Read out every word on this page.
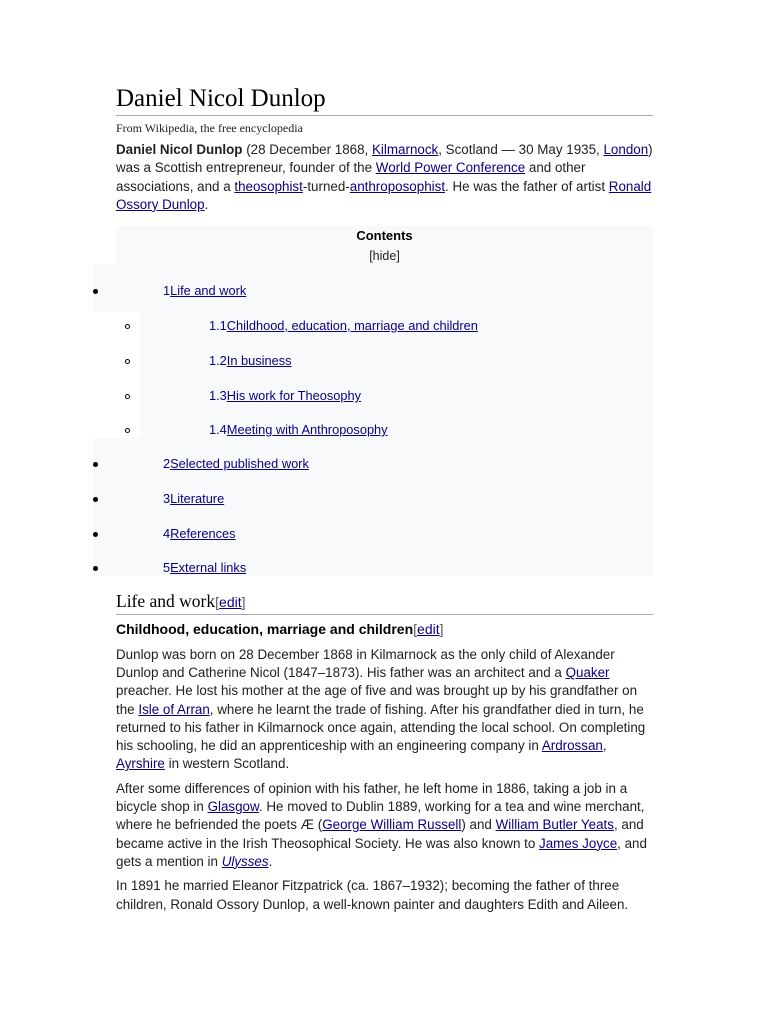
Daniel Nicol Dunlop
From Wikipedia, the free encyclopedia

Daniel Nicol Dunlop (28 December 1868, Kilmarnock, Scotland — 30 May 1935, London) was a Scottish entrepreneur, founder of the World Power Conference and other associations, and a theosophist-turned-anthroposophist. He was the father of artist Ronald Ossory Dunlop.

Contents
[hide]
1Life and work
1.1Childhood, education, marriage and children
1.2In business
1.3His work for Theosophy
1.4Meeting with Anthroposophy
2Selected published work
3Literature
4References
5External links
Life and work[edit]
Childhood, education, marriage and children[edit]

Dunlop was born on 28 December 1868 in Kilmarnock as the only child of Alexander Dunlop and Catherine Nicol (1847–1873). His father was an architect and a Quaker preacher. He lost his mother at the age of five and was brought up by his grandfather on the Isle of Arran, where he learnt the trade of fishing. After his grandfather died in turn, he returned to his father in Kilmarnock once again, attending the local school. On completing his schooling, he did an apprenticeship with an engineering company in Ardrossan, Ayrshire in western Scotland.

After some differences of opinion with his father, he left home in 1886, taking a job in a bicycle shop in Glasgow. He moved to Dublin 1889, working for a tea and wine merchant, where he befriended the poets Æ (George William Russell) and William Butler Yeats, and became active in the Irish Theosophical Society. He was also known to James Joyce, and gets a mention in Ulysses.

In 1891 he married Eleanor Fitzpatrick (ca. 1867–1932); becoming the father of three children, Ronald Ossory Dunlop, a well-known painter and daughters Edith and Aileen.
